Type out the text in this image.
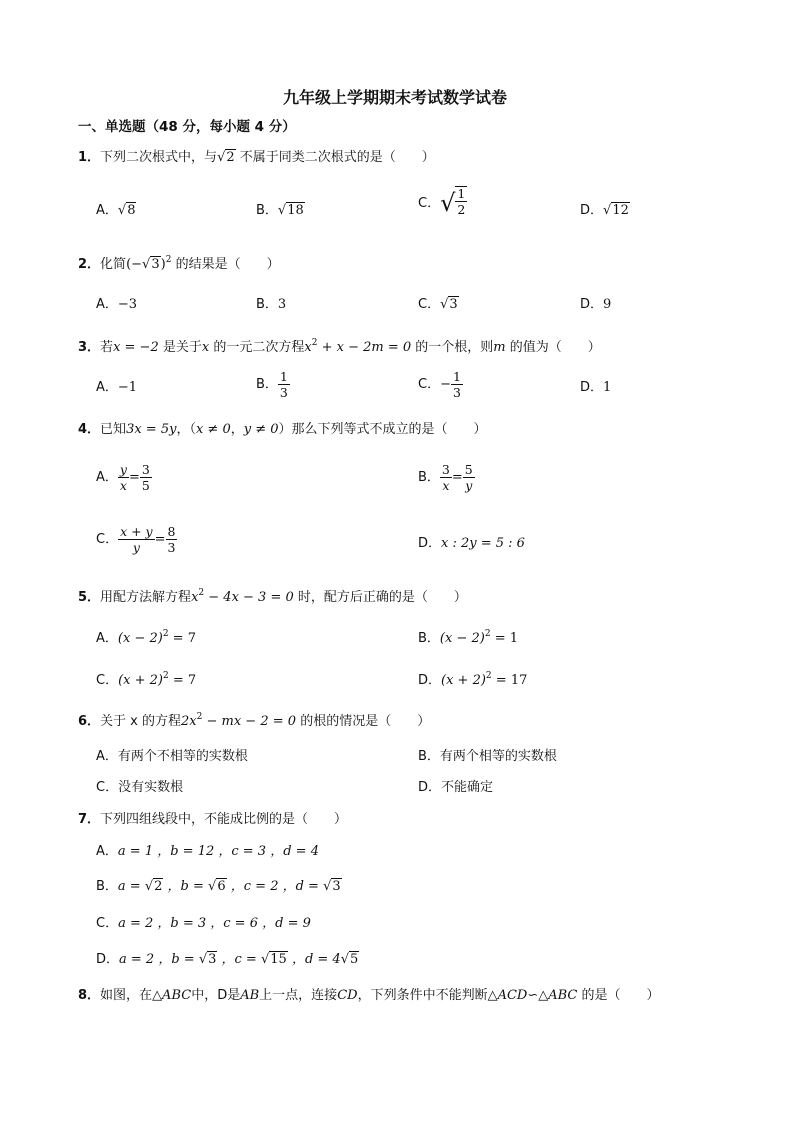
九年级上学期期末考试数学试卷
一、单选题（48 分，每小题 4 分）
1．下列二次根式中，与√2 不属于同类二次根式的是（　　）
A．√8	B．√18	C． √ $\frac{1}{2}$	D．√12
2．化简$(-√3)^2$ 的结果是（　　）
A．−3	B．3	C．√3	D．9
3．若x = −2 是关于x 的一元二次方程$x^2 + x - 2m = 0$ 的一个根，则m 的值为（　　）
A．−1	B． $\frac{1}{3}$	C． − $\frac{1}{3}$	D．1
4．已知3x = 5y，（x ≠ 0，y ≠ 0）那么下列等式不成立的是（　　）
A． $\frac{y}{x} = \frac{3}{5}$	B． $\frac{3}{x} = \frac{5}{y}$
C． $\frac{x + y}{y} = \frac{8}{3}$	D．x : 2y = 5 : 6
5．用配方法解方程$x^2 - 4x - 3 = 0$ 时，配方后正确的是（　　）
A．$(x - 2)^2 = 7$	B．$(x - 2)^2 = 1$
C．$(x + 2)^2 = 7$	D．$(x + 2)^2 = 17$
6．关于 x 的方程$2x^2$ − mx − 2 = 0 的根的情况是（　　）
A．有两个不相等的实数根	B．有两个相等的实数根
C．没有实数根	D．不能确定
7．下列四组线段中，不能成比例的是（　　）
A．a = 1 ，b = 12 ，c = 3 ，d = 4
B．a = √2 ，b = √6 ，c = 2 ，d = √3
C．a = 2 ，b = 3 ，c = 6 ，d = 9
D．a = 2 ，b = √3 ，c = √15 ，d = 4√5
8．如图，在△ABC中，D是AB上一点，连接CD，下列条件中不能判断△ACD∽△ABC 的是（　　）
